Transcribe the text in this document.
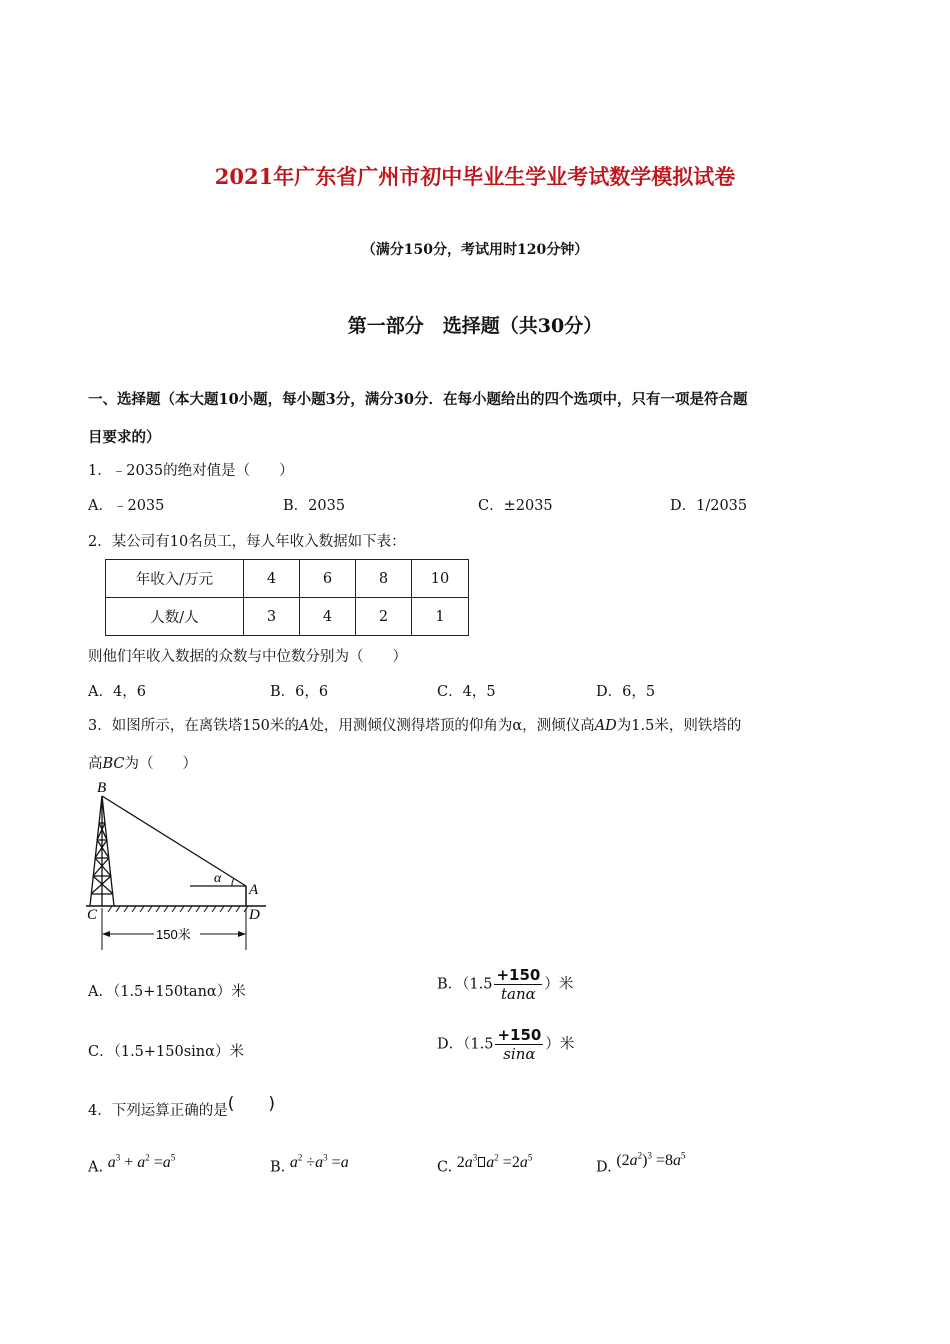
2021年广东省广州市初中毕业生学业考试数学模拟试卷
（满分150分，考试用时120分钟）
第一部分　选择题（共30分）
一、选择题（本大题10小题，每小题3分，满分30分．在每小题给出的四个选项中，只有一项是符合题
目要求的）
1．﹣2035的绝对值是（　　）
A．﹣2035	B．2035	C．±2035	D．1/2035
2．某公司有10名员工，每人年收入数据如下表：
年收入/万元	4	6	8	10
人数/人	3	4	2	1
则他们年收入数据的众数与中位数分别为（　　）
A．4，6	B．6，6	C．4，5	D．6，5
3．如图所示，在离铁塔150米的A处，用测倾仪测得塔顶的仰角为α，测倾仪高AD为1.5米，则铁塔的
高BC为（　　）
B
C
A
D
α
150米
A．（1.5+150tanα）米	B．（$1.5 \frac{+150}{\tan\alpha}$ ）米
C．（1.5+150sinα）米	D．（$1.5 \frac{+150}{\sin\alpha}$ ）米
4．下列运算正确的是(　　)
A. $a^3 + a^2 =a^5$
B. $a^2 \div a^3 =a$	C. $2a^3$ $a^2 =2a^5$
D. $(2a^2)^3 =8a^5$
